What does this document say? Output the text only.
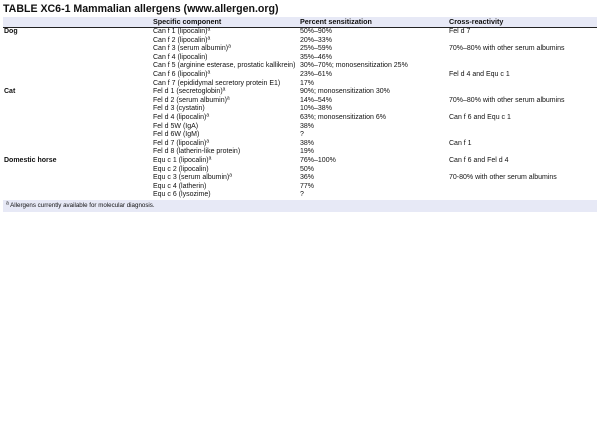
TABLE XC6-1 Mammalian allergens (www.allergen.org)
	Specific component	Percent sensitization	Cross-reactivity
Dog	Can f 1 (lipocalin)$^a$	50%–90%	Fel d 7
	Can f 2 (lipocalin)$^a$	20%–33%	
	Can f 3 (serum albumin)$^a$	25%–59%	70%–80% with other serum albumins
	Can f 4 (lipocalin)	35%–46%	
	Can f 5 (arginine esterase, prostatic kallikrein)	30%–70%; monosensitization 25%	
	Can f 6 (lipocalin)$^a$	23%–61%	Fel d 4 and Equ c 1
	Can f 7 (epididymal secretory protein E1)	17%	
Cat	Fel d 1 (secretoglobin)$^a$	90%; monosensitization 30%	
	Fel d 2 (serum albumin)$^a$	14%–54%	70%–80% with other serum albumins
	Fel d 3 (cystatin)	10%–38%	
	Fel d 4 (lipocalin)$^a$	63%; monosensitization 6%	Can f 6 and Equ c 1
	Fel d 5W (IgA)	38%	
	Fel d 6W (IgM)	?	
	Fel d 7 (lipocalin)$^a$	38%	Can f 1
	Fel d 8 (latherin-like protein)	19%	
Domestic horse	Equ c 1 (lipocalin)$^a$	76%–100%	Can f 6 and Fel d 4
	Equ c 2 (lipocalin)	50%	
	Equ c 3 (serum albumin)$^a$	36%	70-80% with other serum albumins
	Equ c 4 (latherin)	77%	
	Equ c 6 (lysozime)	?	
$^a$ Allergens currently available for molecular diagnosis.
